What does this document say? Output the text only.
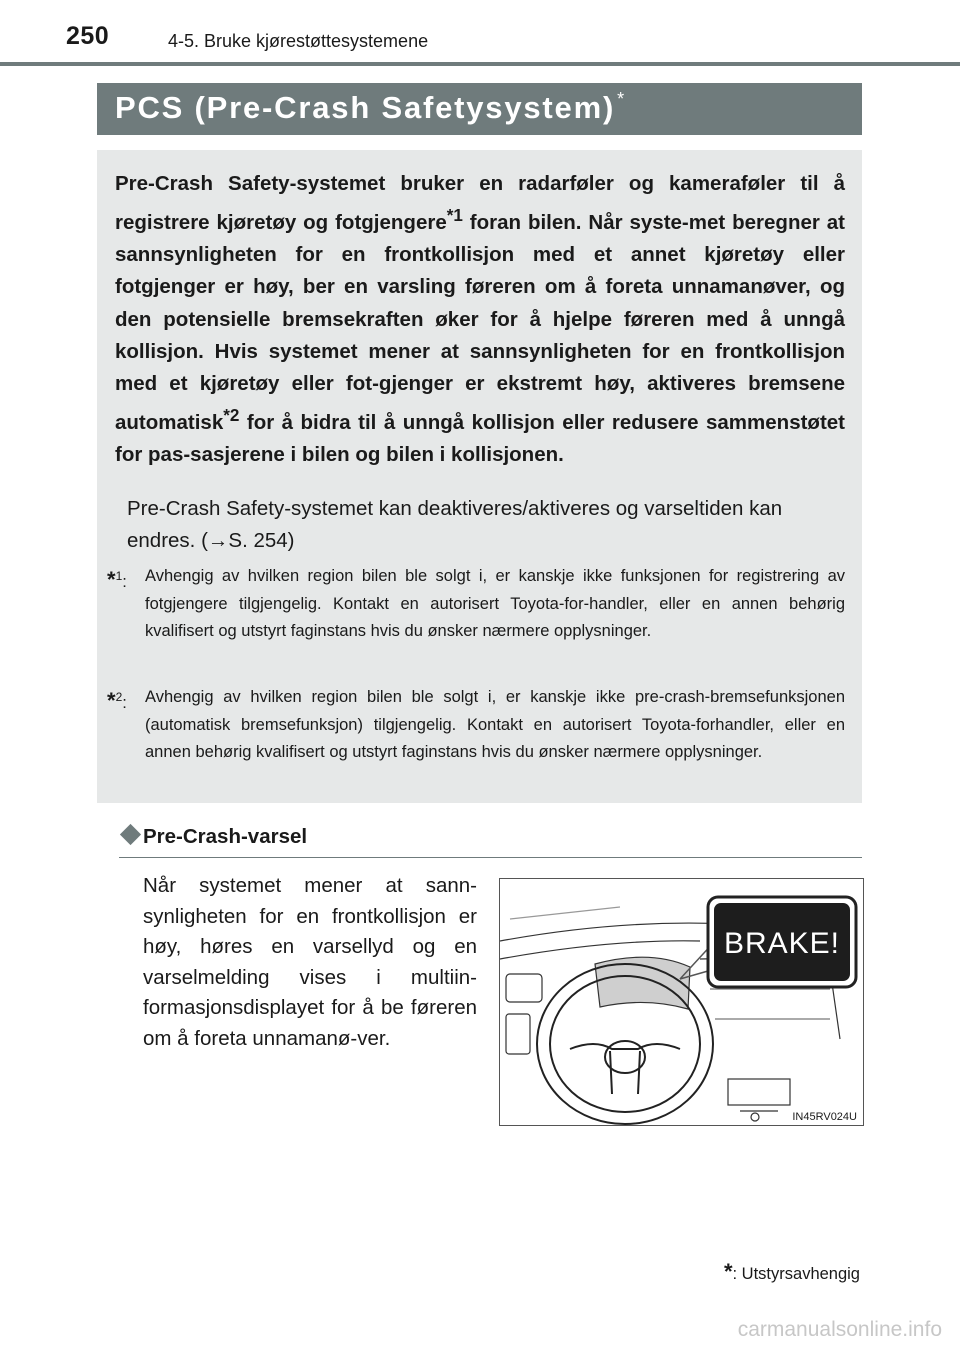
250	4-5. Bruke kjørestøttesystemene
PCS (Pre-Crash Safetysystem) *
Pre-Crash Safety-systemet bruker en radarføler og kameraføler til å registrere kjøretøy og fotgjengere$^{*1}$ foran bilen. Når syste-met beregner at sannsynligheten for en frontkollisjon med et annet kjøretøy eller fotgjenger er høy, ber en varsling føreren om å foreta unnamanøver, og den potensielle bremsekraften øker for å hjelpe føreren med å unngå kollisjon. Hvis systemet mener at sannsynligheten for en frontkollisjon med et kjøretøy eller fot-gjenger er ekstremt høy, aktiveres bremsene automatisk$^{*2}$ for å bidra til å unngå kollisjon eller redusere sammenstøtet for pas-sasjerene i bilen og bilen i kollisjonen.
Pre-Crash Safety-systemet kan deaktiveres/aktiveres og varseltiden kan endres. (→S. 254)
*$^1$:	Avhengig av hvilken region bilen ble solgt i, er kanskje ikke funksjonen for registrering av fotgjengere tilgjengelig. Kontakt en autorisert Toyota-for-handler, eller en annen behørig kvalifisert og utstyrt faginstans hvis du ønsker nærmere opplysninger.
*$^2$:	Avhengig av hvilken region bilen ble solgt i, er kanskje ikke pre-crash-bremsefunksjonen (automatisk bremsefunksjon) tilgjengelig. Kontakt en autorisert Toyota-forhandler, eller en annen behørig kvalifisert og utstyrt faginstans hvis du ønsker nærmere opplysninger.
Pre-Crash-varsel
Når systemet mener at sann-synligheten for en frontkollisjon er høy, høres en varsellyd og en varselmelding vises i multiin-formasjonsdisplayet for å be føreren om å foreta unnamanø-ver.
BRAKE!
IN45RV024U
*: Utstyrsavhengig
carmanualsonline.info
